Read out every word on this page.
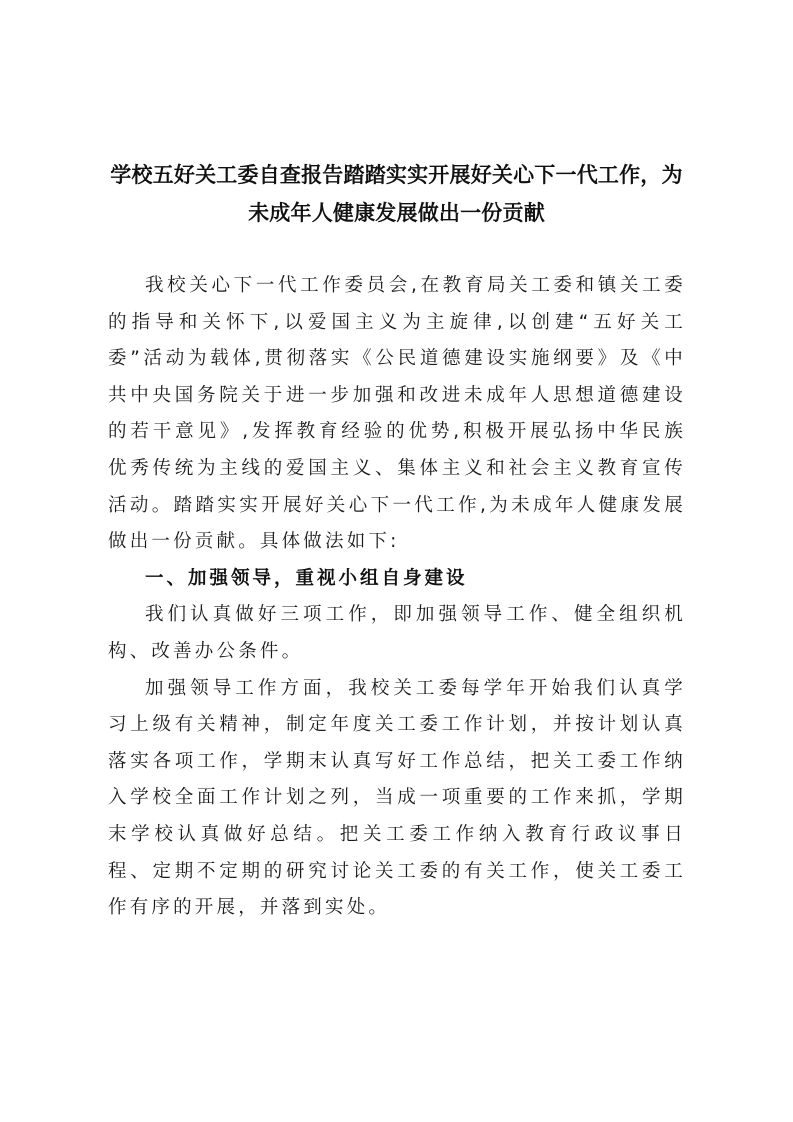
学校五好关工委自查报告踏踏实实开展好关心下一代工作，为
未成年人健康发展做出一份贡献

我校关心下一代工作委员会,在教育局关工委和镇关工委的指导和关怀下,以爱国主义为主旋律,以创建“五好关工委”活动为载体,贯彻落实《公民道德建设实施纲要》及《中共中央国务院关于进一步加强和改进未成年人思想道德建设的若干意见》,发挥教育经验的优势,积极开展弘扬中华民族优秀传统为主线的爱国主义、集体主义和社会主义教育宣传活动。踏踏实实开展好关心下一代工作,为未成年人健康发展做出一份贡献。具体做法如下:

一、加强领导，重视小组自身建设

我们认真做好三项工作，即加强领导工作、健全组织机构、改善办公条件。

加强领导工作方面，我校关工委每学年开始我们认真学习上级有关精神，制定年度关工委工作计划，并按计划认真落实各项工作，学期末认真写好工作总结，把关工委工作纳入学校全面工作计划之列，当成一项重要的工作来抓，学期末学校认真做好总结。把关工委工作纳入教育行政议事日程、定期不定期的研究讨论关工委的有关工作，使关工委工作有序的开展，并落到实处。
